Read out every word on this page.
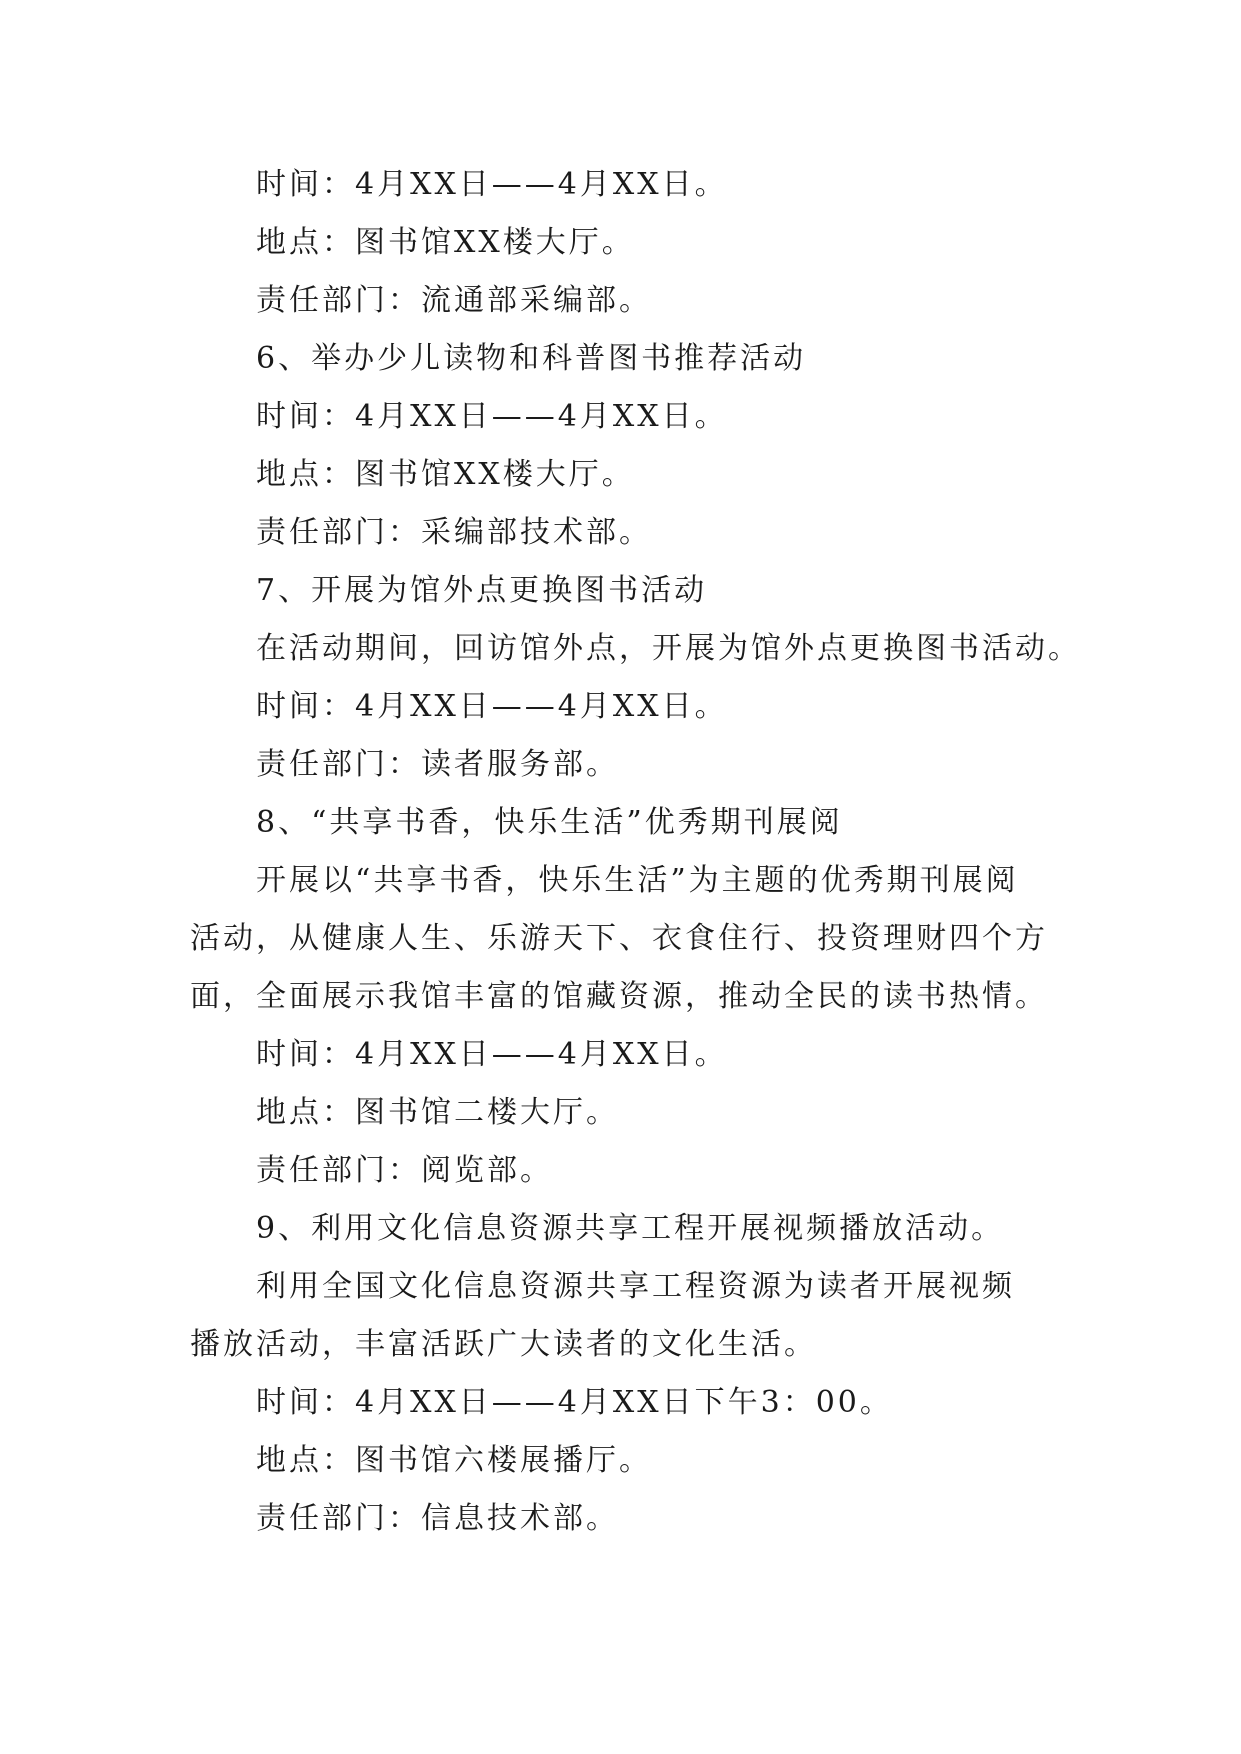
时间：4月XX日——4月XX日。
地点：图书馆XX楼大厅。
责任部门：流通部采编部。
6、举办少儿读物和科普图书推荐活动
时间：4月XX日——4月XX日。
地点：图书馆XX楼大厅。
责任部门：采编部技术部。
7、开展为馆外点更换图书活动
在活动期间，回访馆外点，开展为馆外点更换图书活动。
时间：4月XX日——4月XX日。
责任部门：读者服务部。
8、“共享书香，快乐生活”优秀期刊展阅
开展以“共享书香，快乐生活”为主题的优秀期刊展阅
活动，从健康人生、乐游天下、衣食住行、投资理财四个方
面，全面展示我馆丰富的馆藏资源，推动全民的读书热情。
时间：4月XX日——4月XX日。
地点：图书馆二楼大厅。
责任部门：阅览部。
9、利用文化信息资源共享工程开展视频播放活动。
利用全国文化信息资源共享工程资源为读者开展视频
播放活动，丰富活跃广大读者的文化生活。
时间：4月XX日——4月XX日下午3：00。
地点：图书馆六楼展播厅。
责任部门：信息技术部。
